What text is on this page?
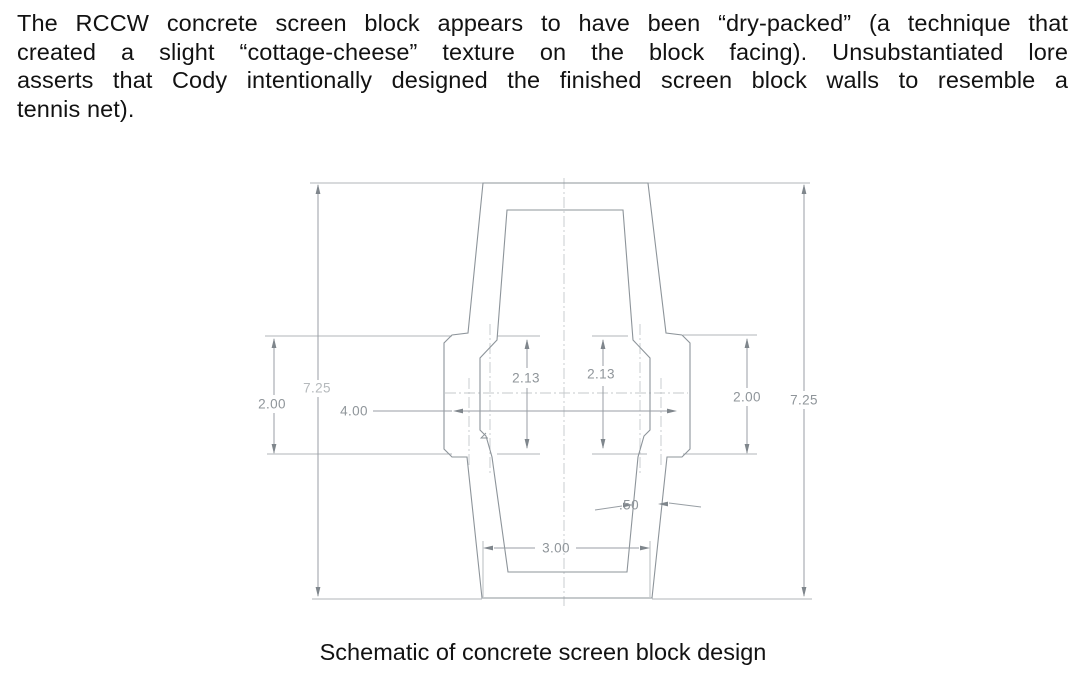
The RCCW concrete screen block appears to have been “dry-packed” (a technique that
created a slight “cottage-cheese” texture on the block facing). Unsubstantiated lore
asserts that Cody intentionally designed the finished screen block walls to resemble a
tennis net).
7.25
2.00
2.13	2.13
4.00
2.00 7.25
3.00
.50
Schematic of concrete screen block design
